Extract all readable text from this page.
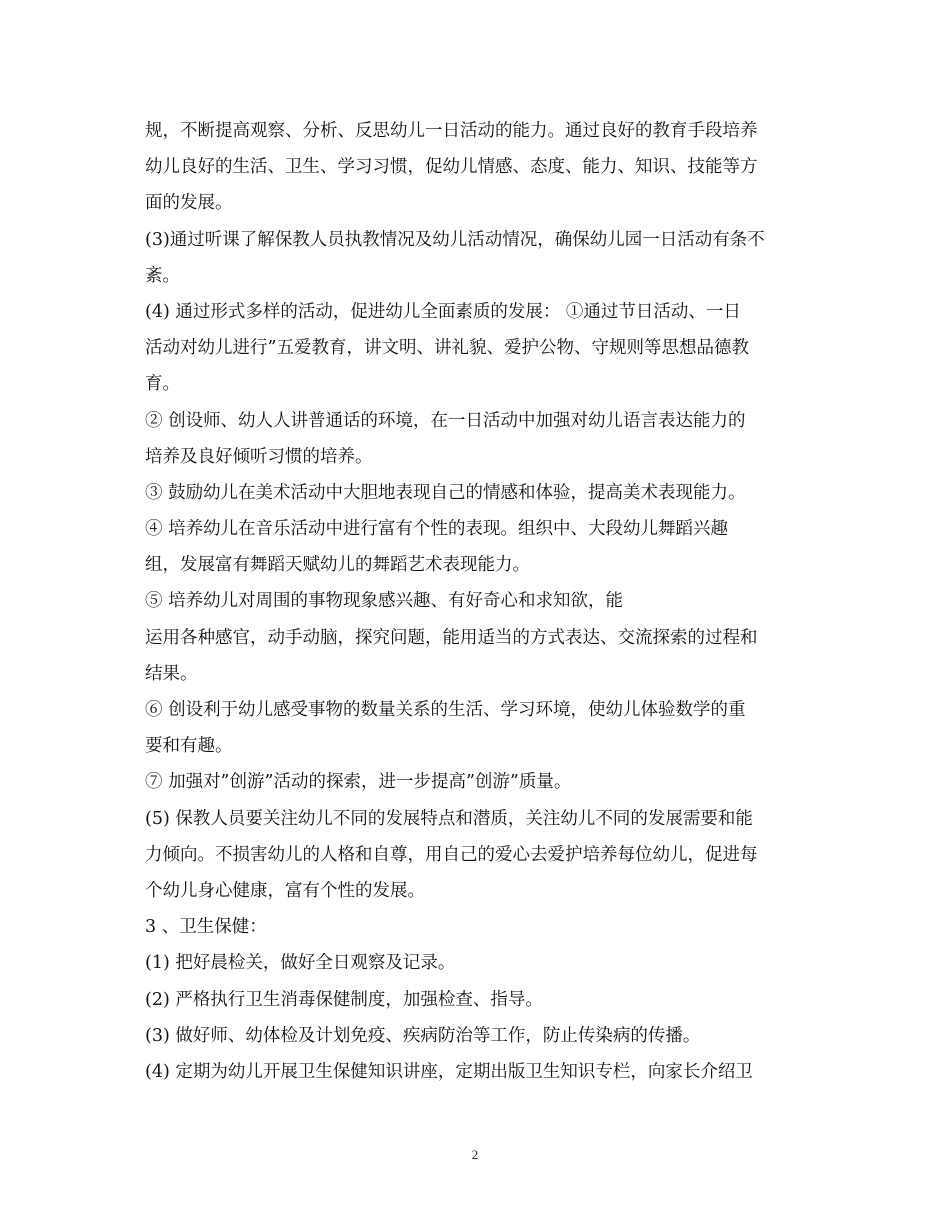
规，不断提高观察、分析、反思幼儿一日活动的能力。通过良好的教育手段培养
幼儿良好的生活、卫生、学习习惯，促幼儿情感、态度、能力、知识、技能等方
面的发展。
(3)通过听课了解保教人员执教情况及幼儿活动情况，确保幼儿园一日活动有条不
紊。
(4) 通过形式多样的活动，促进幼儿全面素质的发展： ①通过节日活动、一日
活动对幼儿进行”五爱教育，讲文明、讲礼貌、爱护公物、守规则等思想品德教
育。
② 创设师、幼人人讲普通话的环境，在一日活动中加强对幼儿语言表达能力的
培养及良好倾听习惯的培养。
③ 鼓励幼儿在美术活动中大胆地表现自己的情感和体验，提高美术表现能力。
④ 培养幼儿在音乐活动中进行富有个性的表现。组织中、大段幼儿舞蹈兴趣
组，发展富有舞蹈天赋幼儿的舞蹈艺术表现能力。
⑤ 培养幼儿对周围的事物现象感兴趣、有好奇心和求知欲，能
运用各种感官，动手动脑，探究问题，能用适当的方式表达、交流探索的过程和
结果。
⑥ 创设利于幼儿感受事物的数量关系的生活、学习环境，使幼儿体验数学的重
要和有趣。
⑦ 加强对”创游”活动的探索，进一步提高”创游”质量。
(5) 保教人员要关注幼儿不同的发展特点和潜质，关注幼儿不同的发展需要和能
力倾向。不损害幼儿的人格和自尊，用自己的爱心去爱护培养每位幼儿，促进每
个幼儿身心健康，富有个性的发展。
3 、卫生保健：
(1) 把好晨检关，做好全日观察及记录。
(2) 严格执行卫生消毒保健制度，加强检查、指导。
(3) 做好师、幼体检及计划免疫、疾病防治等工作，防止传染病的传播。
(4) 定期为幼儿开展卫生保健知识讲座，定期出版卫生知识专栏，向家长介绍卫
2
